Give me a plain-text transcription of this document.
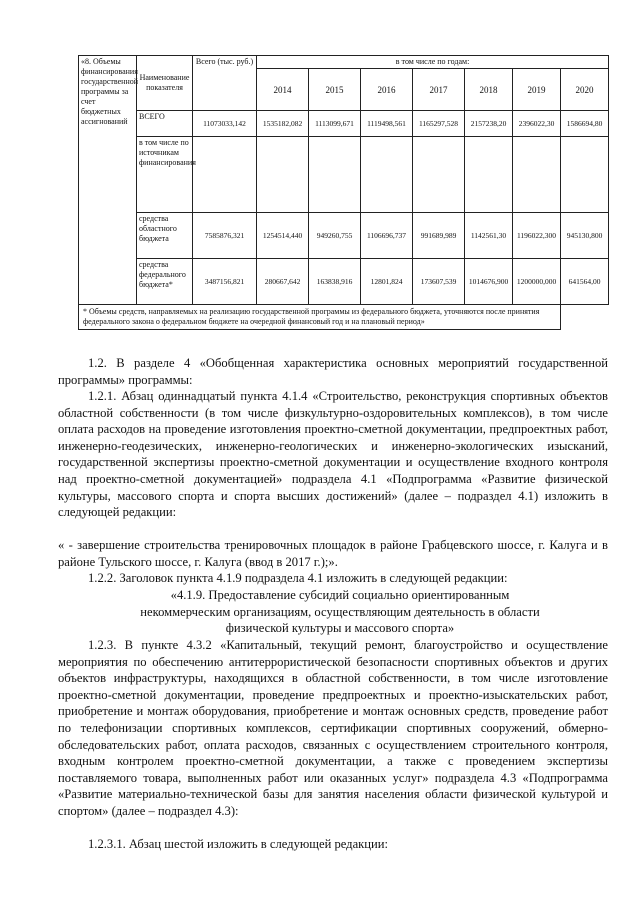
«8. Объемы финансирования государственной программы за счет бюджетных ассигнований	Наименование показателя	Всего (тыс. руб.)	в том числе по годам:						
			2014	2015	2016	2017	2018	2019	2020
	ВСЕГО	11073033,142	1535182,082	1113099,671	1119498,561	1165297,528	2157238,20	2396022,30	1586694,80
	в том числе по источникам финансирования								
	средства областного бюджета	7585876,321	1254514,440	949260,755	1106696,737	991689,989	1142561,30	1196022,300	945130,800
	средства федерального бюджета*	3487156,821	280667,642	163838,916	12801,824	173607,539	1014676,900	1200000,000	641564,00
* Объемы средств, направляемых на реализацию государственной программы из федерального бюджета, уточняются после принятия федерального закона о федеральном бюджете на очередной финансовый год и на плановый период»									

1.2. В разделе 4 «Обобщенная характеристика основных мероприятий государственной программы» программы:

1.2.1. Абзац одиннадцатый пункта 4.1.4 «Строительство, реконструкция спортивных объектов областной собственности (в том числе физкультурно-оздоровительных комплексов), в том числе оплата расходов на проведение изготовления проектно-сметной документации, предпроектных работ, инженерно-геодезических, инженерно-геологических и инженерно-экологических изысканий, государственной экспертизы проектно-сметной документации и осуществление входного контроля над проектно-сметной документацией» подраздела 4.1 «Подпрограмма «Развитие физической культуры, массового спорта и спорта высших достижений» (далее – подраздел 4.1) изложить в следующей редакции:

« - завершение строительства тренировочных площадок в районе Грабцевского шоссе, г. Калуга и в районе Тульского шоссе, г. Калуга (ввод в 2017 г.);».

1.2.2. Заголовок пункта 4.1.9 подраздела 4.1 изложить в следующей редакции:

«4.1.9. Предоставление субсидий социально ориентированным некоммерческим организациям, осуществляющим деятельность в области физической культуры и массового спорта»

1.2.3. В пункте 4.3.2 «Капитальный, текущий ремонт, благоустройство и осуществление мероприятия по обеспечению антитеррористической безопасности спортивных объектов и других объектов инфраструктуры, находящихся в областной собственности, в том числе изготовление проектно-сметной документации, проведение предпроектных и проектно-изыскательских работ, приобретение и монтаж оборудования, приобретение и монтаж основных средств, проведение работ по телефонизации спортивных комплексов, сертификации спортивных сооружений, обмерно-обследовательских работ, оплата расходов, связанных с осуществлением строительного контроля, входным контролем проектно-сметной документации, а также с проведением экспертизы поставляемого товара, выполненных работ или оказанных услуг» подраздела 4.3 «Подпрограмма «Развитие материально-технической базы для занятия населения области физической культурой и спортом» (далее – подраздел 4.3):

1.2.3.1. Абзац шестой изложить в следующей редакции:
